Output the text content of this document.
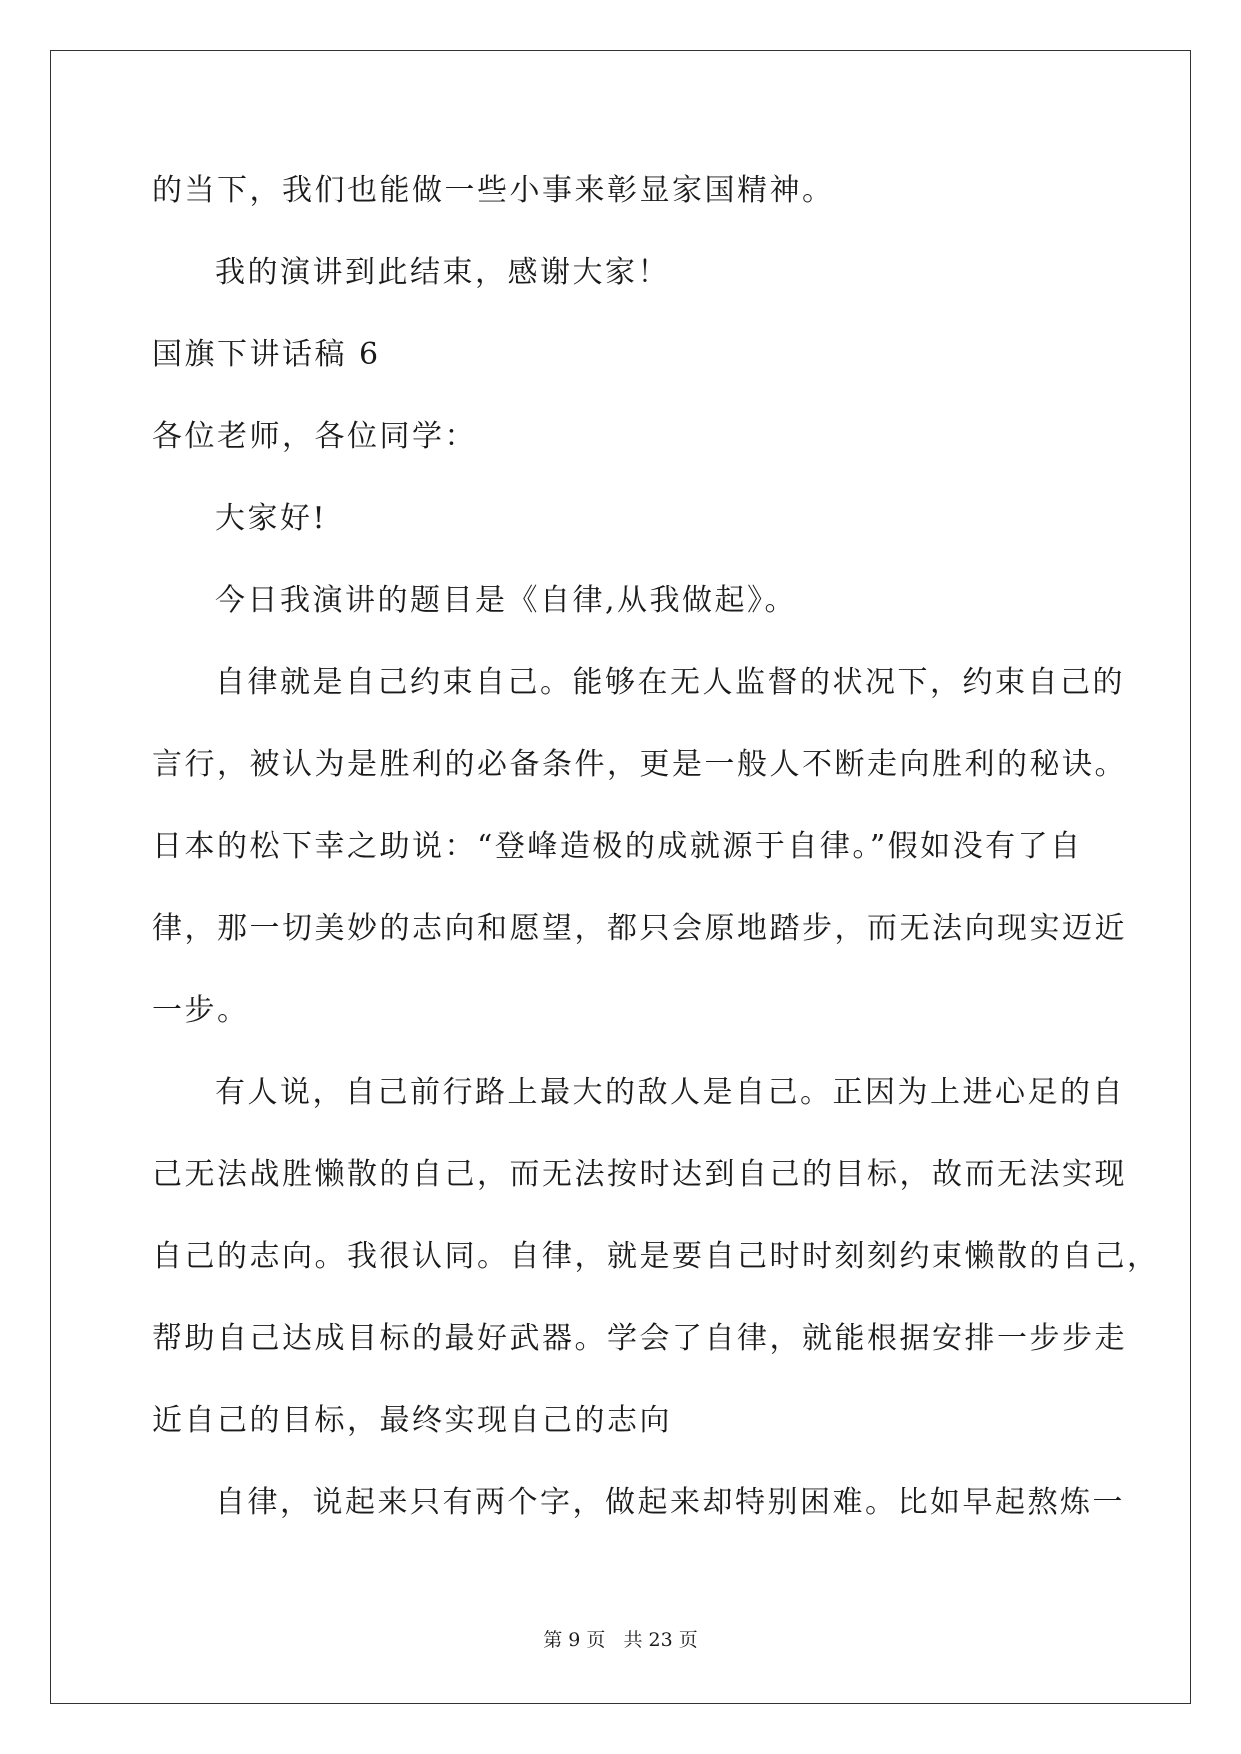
的当下，我们也能做一些小事来彰显家国精神。
我的演讲到此结束，感谢大家！
国旗下讲话稿 6
各位老师，各位同学：
大家好!
今日我演讲的题目是《自律,从我做起》。
自律就是自己约束自己。能够在无人监督的状况下，约束自己的
言行，被认为是胜利的必备条件，更是一般人不断走向胜利的秘诀。
日本的松下幸之助说：“登峰造极的成就源于自律。”假如没有了自
律，那一切美妙的志向和愿望，都只会原地踏步，而无法向现实迈近
一步。
有人说，自己前行路上最大的敌人是自己。正因为上进心足的自
己无法战胜懒散的自己，而无法按时达到自己的目标，故而无法实现
自己的志向。我很认同。自律，就是要自己时时刻刻约束懒散的自己，
帮助自己达成目标的最好武器。学会了自律，就能根据安排一步步走
近自己的目标，最终实现自己的志向
自律，说起来只有两个字，做起来却特别困难。比如早起熬炼一
第 9 页   共 23 页
